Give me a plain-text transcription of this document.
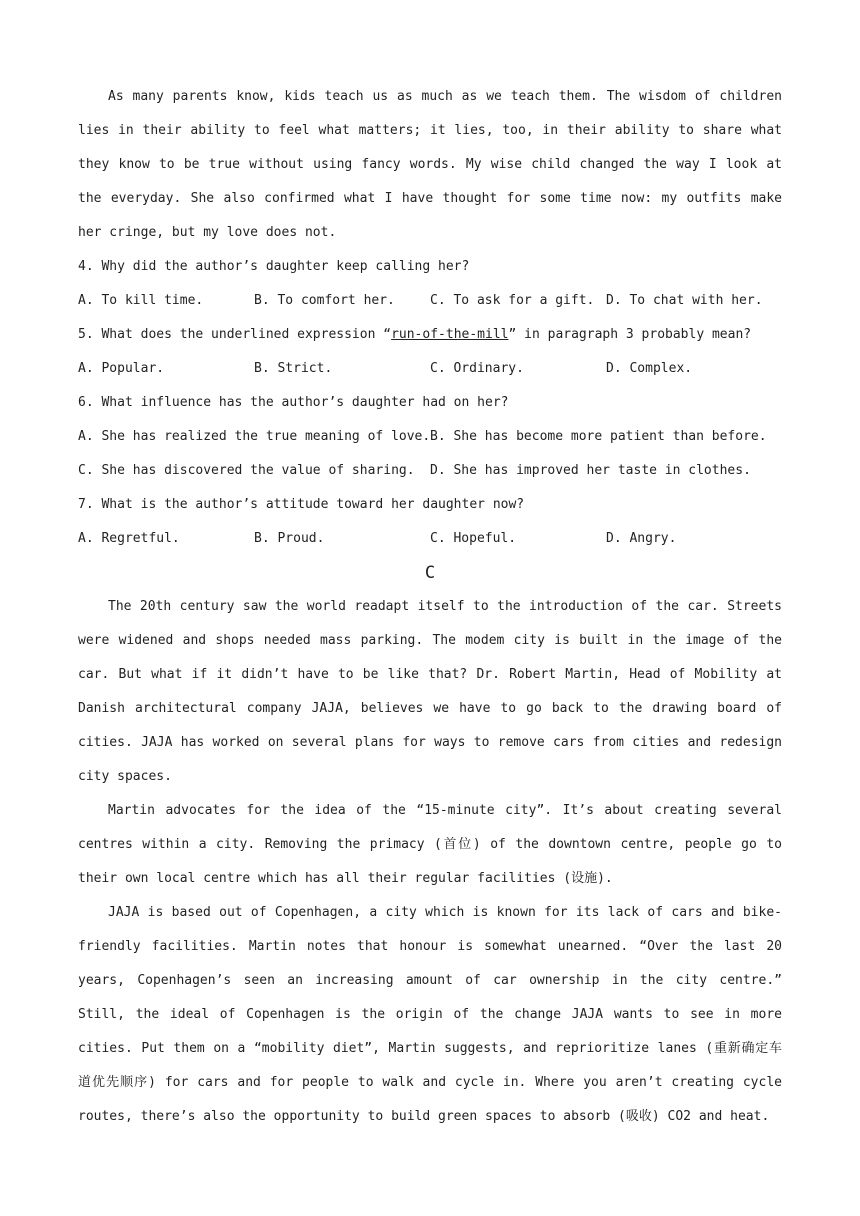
As many parents know, kids teach us as much as we teach them. The wisdom of children lies in their ability to feel what matters; it lies, too, in their ability to share what they know to be true without using fancy words. My wise child changed the way I look at the everyday. She also confirmed what I have thought for some time now: my outfits make her cringe, but my love does not.

4. Why did the author’s daughter keep calling her?

A. To kill time.	B. To comfort her.	C. To ask for a gift. D. To chat with her.

5. What does the underlined expression “run-of-the-mill” in paragraph 3 probably mean?

A. Popular.	B. Strict.	C. Ordinary.	D. Complex.

6. What influence has the author’s daughter had on her?

A. She has realized the true meaning of love. B. She has become more patient than before.
C. She has discovered the value of sharing.	D. She has improved her taste in clothes.

7. What is the author’s attitude toward her daughter now?

A. Regretful.	B. Proud.	C. Hopeful.	D. Angry.

C

The 20th century saw the world readapt itself to the introduction of the car. Streets were widened and shops needed mass parking. The modem city is built in the image of the car. But what if it didn’t have to be like that? Dr. Robert Martin, Head of Mobility at Danish architectural company JAJA, believes we have to go back to the drawing board of cities. JAJA has worked on several plans for ways to remove cars from cities and redesign city spaces.

Martin advocates for the idea of the “15-minute city”. It’s about creating several centres within a city. Removing the primacy (首位) of the downtown centre, people go to their own local centre which has all their regular facilities (设施).

JAJA is based out of Copenhagen, a city which is known for its lack of cars and bike-friendly facilities. Martin notes that honour is somewhat unearned. “Over the last 20 years, Copenhagen’s seen an increasing amount of car ownership in the city centre.” Still, the ideal of Copenhagen is the origin of the change JAJA wants to see in more cities. Put them on a “mobility diet”, Martin suggests, and reprioritize lanes (重新确定车道优先顺序) for cars and for people to walk and cycle in. Where you aren’t creating cycle routes, there’s also the opportunity to build green spaces to absorb (吸收) CO2 and heat.
